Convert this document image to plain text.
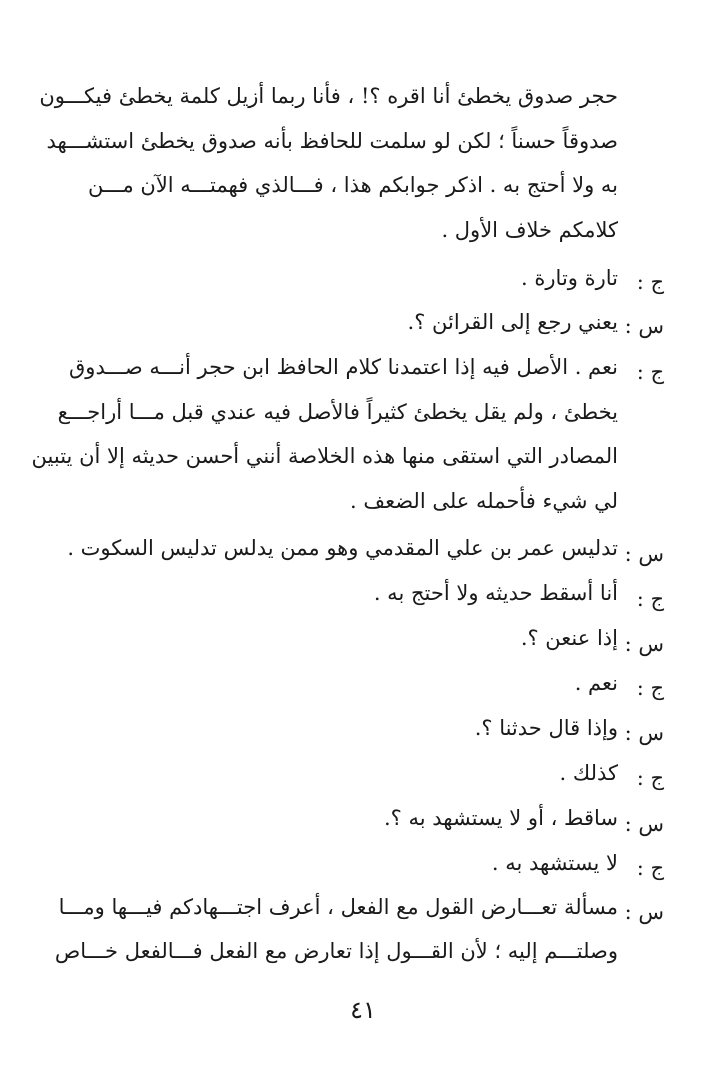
حجر صدوق يخطئ أنا اقره ؟! ، فأنا ربما أزيل كلمة يخطئ فيكـــون
صدوقاً حسناً ؛ لكن لو سلمت للحافظ بأنه صدوق يخطئ استشـــهد
به ولا أحتج به . اذكر جوابكم هذا ، فـــالذي فهمتـــه الآن مـــن
كلامكم خلاف الأول .
ج :
تارة وتارة .
س :
يعني رجع إلى القرائن ؟.
ج :
نعم . الأصل فيه إذا اعتمدنا كلام الحافظ ابن حجر أنـــه صـــدوق
يخطئ ، ولم يقل يخطئ كثيراً فالأصل فيه عندي قبل مـــا أراجـــع
المصادر التي استقى منها هذه الخلاصة أنني أحسن حديثه إلا أن يتبين
لي شيء فأحمله على الضعف .
س :
تدليس عمر بن علي المقدمي وهو ممن يدلس تدليس السكوت .
ج :
أنا أسقط حديثه ولا أحتج به .
س :
إذا عنعن ؟.
ج :
نعم .
س :
وإذا قال حدثنا ؟.
ج :
كذلك .
س :
ساقط ، أو لا يستشهد به ؟.
ج :
لا يستشهد به .
س :
مسألة تعـــارض القول مع الفعل ، أعرف اجتـــهادكم فيـــها ومـــا
وصلتـــم إليه ؛ لأن القـــول إذا تعارض مع الفعل فـــالفعل خـــاص
٤١
